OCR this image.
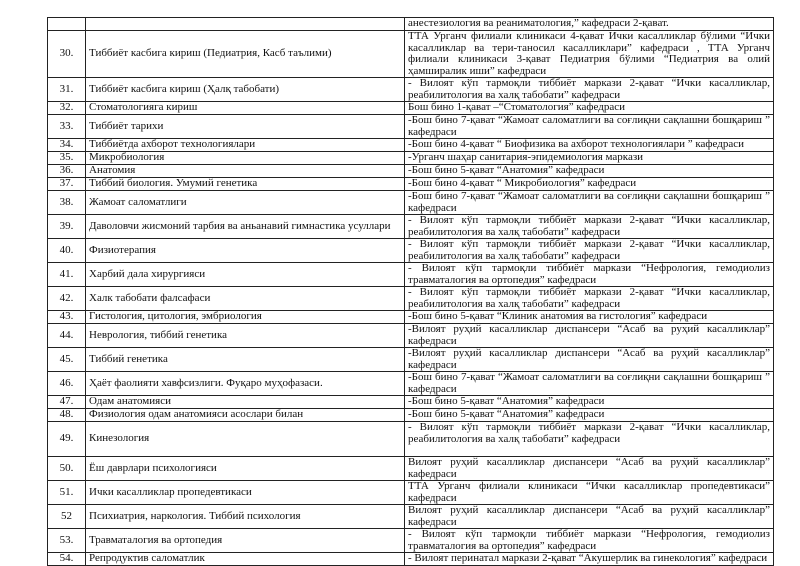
		анестезиология ва реаниматология,” кафедраси 2-қават.
30.	Тиббиёт касбига кириш (Педиатрия, Касб таълими)	ТТА Урганч филиали клиникаси 4-қават Ички касалликлар бўлими “Ички касалликлар ва тери-таносил касалликлари” кафедраси , ТТА Урганч филиали клиникаси 3-қават Педиатрия бўлими “Педиатрия ва олий ҳамширалик иши” кафедраси
31.	Тиббиёт касбига кириш (Ҳалқ табобати)	- Вилоят кўп тармоқли тиббиёт маркази 2-қават “Ички касалликлар, реабилитология ва халқ табобати” кафедраси
32.	Стоматологияга кириш	Бош бино 1-қават –“Стоматология” кафедраси
33.	Тиббиёт тарихи	-Бош бино 7-қават “Жамоат саломатлиги ва соғлиқни сақлашни бошқариш ” кафедраси
34.	Тиббиётда ахборот технологиялари	-Бош бино 4-қават “ Биофизика ва ахборот технологиялари ” кафедраси
35.	Микробиология	-Урганч шаҳар санитария-эпидемиология маркази
36.	Анатомия	-Бош бино 5-қават “Анатомия” кафедраси
37.	Тиббий биология. Умумий генетика	-Бош бино 4-қават “ Микробиология” кафедраси
38.	Жамоат саломатлиги	-Бош бино 7-қават “Жамоат саломатлиги ва соғлиқни сақлашни бошқариш ” кафедраси
39.	Даволовчи жисмоний тарбия ва аньанавий гимнастика усуллари	- Вилоят кўп тармоқли тиббиёт маркази 2-қават “Ички касалликлар, реабилитология ва халқ табобати” кафедраси
40.	Физиотерапия	- Вилоят кўп тармоқли тиббиёт маркази 2-қават “Ички касалликлар, реабилитология ва халқ табобати” кафедраси
41.	Харбий дала хирургияси	- Вилоят кўп тармоқли тиббиёт маркази “Нефрология, гемодиолиз травматалогия ва ортопедия” кафедраси
42.	Халк табобати фалсафаси	- Вилоят кўп тармоқли тиббиёт маркази 2-қават “Ички касалликлар, реабилитология ва халқ табобати” кафедраси
43.	Гистология, цитология, эмбриология	-Бош бино 5-қават “Клиник анатомия ва гистология” кафедраси
44.	Неврология, тиббий генетика	-Вилоят руҳий касалликлар диспансери “Асаб ва руҳий касалликлар” кафедраси
45.	Тиббий генетика	-Вилоят руҳий касалликлар диспансери “Асаб ва руҳий касалликлар” кафедраси
46.	Ҳаёт фаолияти хавфсизлиги. Фуқаро муҳофазаси.	-Бош бино 7-қават “Жамоат саломатлиги ва соғлиқни сақлашни бошқариш ” кафедраси
47.	Одам анатомияси	-Бош бино 5-қават “Анатомия” кафедраси
48.	Физиология одам анатомияси асослари билан	-Бош бино 5-қават “Анатомия” кафедраси
49.	Кинезология	- Вилоят кўп тармоқли тиббиёт маркази 2-қават “Ички касалликлар, реабилитология ва халқ табобати” кафедраси
50.	Ёш даврлари психологияси	Вилоят руҳий касалликлар диспансери “Асаб ва руҳий касалликлар” кафедраси
51.	Ички касалликлар пропедевтикаси	ТТА Урганч филиали клиникаси “Ички касалликлар пропедевтикаси” кафедраси
52	Психиатрия, наркология. Тиббий психология	Вилоят руҳий касалликлар диспансери “Асаб ва руҳий касалликлар” кафедраси
53.	Травматалогия ва ортопедия	- Вилоят кўп тармоқли тиббиёт маркази “Нефрология, гемодиолиз травматалогия ва ортопедия” кафедраси
54.	Репродуктив саломатлик	- Вилоят перинатал маркази 2-қават “Акушерлик ва гинекология” кафедраси
